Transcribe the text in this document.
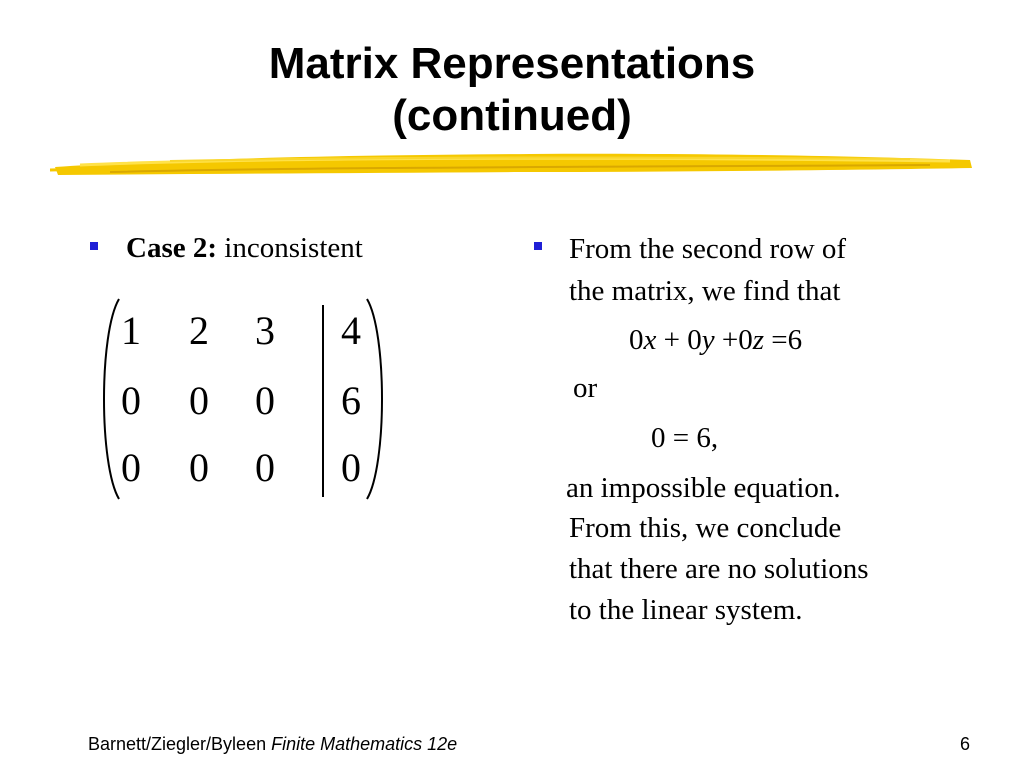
Matrix Representations
(continued)
Case 2: inconsistent
1 2 3 4
0 0 0 6
0 0 0 0
From the second row of
the matrix, we find that
0x + 0y +0z =6
or
0 = 6,
an impossible equation.
From this, we conclude
that there are no solutions
to the linear system.
Barnett/Ziegler/Byleen Finite Mathematics 12e	6
